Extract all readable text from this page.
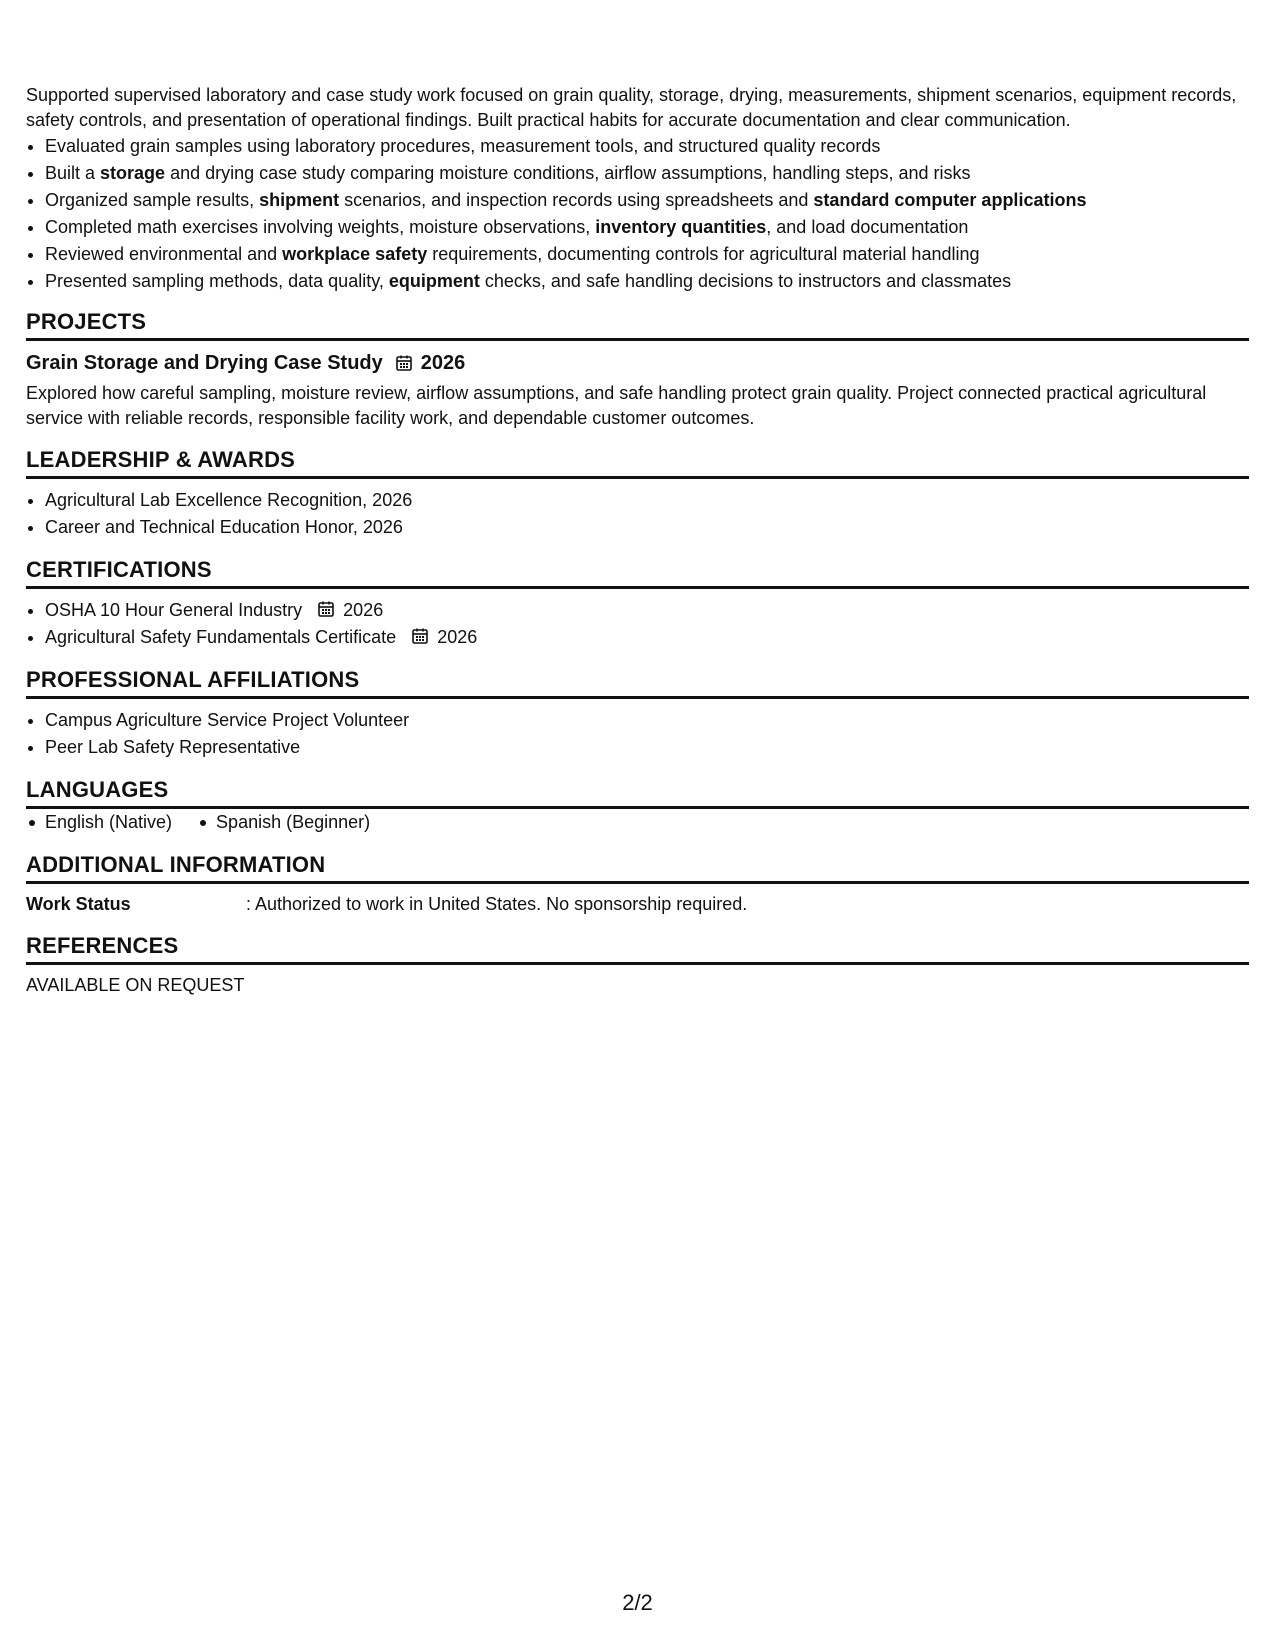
Supported supervised laboratory and case study work focused on grain quality, storage, drying, measurements, shipment scenarios, equipment records, safety controls, and presentation of operational findings. Built practical habits for accurate documentation and clear communication.

• Evaluated grain samples using laboratory procedures, measurement tools, and structured quality records
• Built a storage and drying case study comparing moisture conditions, airflow assumptions, handling steps, and risks
• Organized sample results, shipment scenarios, and inspection records using spreadsheets and standard computer applications
• Completed math exercises involving weights, moisture observations, inventory quantities, and load documentation
• Reviewed environmental and workplace safety requirements, documenting controls for agricultural material handling
• Presented sampling methods, data quality, equipment checks, and safe handling decisions to instructors and classmates
PROJECTS
Grain Storage and Drying Case Study 2026
Explored how careful sampling, moisture review, airflow assumptions, and safe handling protect grain quality. Project connected practical agricultural service with reliable records, responsible facility work, and dependable customer outcomes.
LEADERSHIP & AWARDS
• Agricultural Lab Excellence Recognition, 2026
• Career and Technical Education Honor, 2026
CERTIFICATIONS
• OSHA 10 Hour General Industry 2026
• Agricultural Safety Fundamentals Certificate 2026
PROFESSIONAL AFFILIATIONS
• Campus Agriculture Service Project Volunteer
• Peer Lab Safety Representative
LANGUAGES
English (Native)	Spanish (Beginner)
ADDITIONAL INFORMATION
Work Status	: Authorized to work in United States. No sponsorship required.
REFERENCES
AVAILABLE ON REQUEST
2/2
